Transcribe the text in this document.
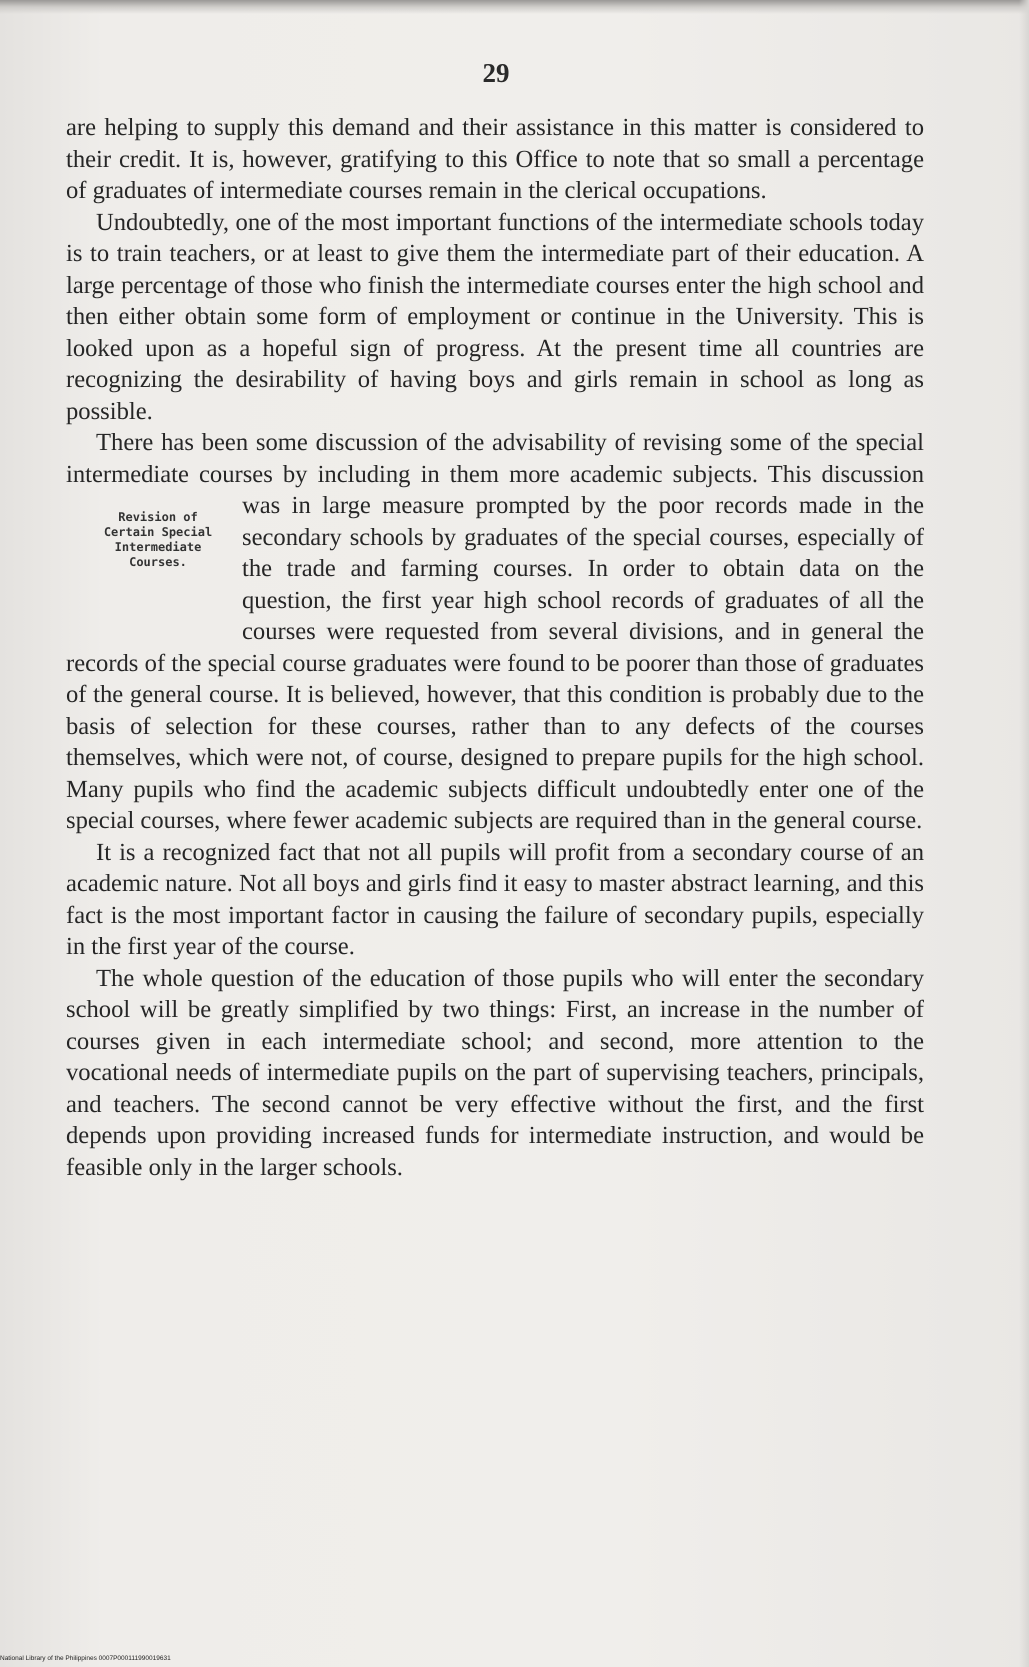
29

are helping to supply this demand and their assistance in this matter is considered to their credit. It is, however, gratifying to this Office to note that so small a percentage of graduates of intermediate courses remain in the clerical occupations.

Undoubtedly, one of the most important functions of the intermediate schools today is to train teachers, or at least to give them the intermediate part of their education. A large percentage of those who finish the intermediate courses enter the high school and then either obtain some form of employment or continue in the University. This is looked upon as a hopeful sign of progress. At the present time all countries are recognizing the desirability of having boys and girls remain in school as long as possible.

There has been some discussion of the advisability of revising some of the special intermediate courses by including in them more academic subjects. This discussion was in large measure
Revision of
Certain Special
Intermediate
Courses.
prompted by the poor records made in the secondary schools by graduates of the special courses, especially of the trade and farming courses. In order to obtain data on the question, the first year high school records of graduates of all the courses were requested from several divisions, and in general the records of the special course graduates were found to be poorer than those of graduates of the general course. It is believed, however, that this condition is probably due to the basis of selection for these courses, rather than to any defects of the courses themselves, which were not, of course, designed to prepare pupils for the high school. Many pupils who find the academic subjects difficult undoubtedly enter one of the special courses, where fewer academic subjects are required than in the general course.

It is a recognized fact that not all pupils will profit from a secondary course of an academic nature. Not all boys and girls find it easy to master abstract learning, and this fact is the most important factor in causing the failure of secondary pupils, especially in the first year of the course.

The whole question of the education of those pupils who will enter the secondary school will be greatly simplified by two things: First, an increase in the number of courses given in each intermediate school; and second, more attention to the vocational needs of intermediate pupils on the part of supervising teachers, principals, and teachers. The second cannot be very effective without the first, and the first depends upon providing increased funds for intermediate instruction, and would be feasible only in the larger schools.

National Library of the Philippines 0007P000111990019631
